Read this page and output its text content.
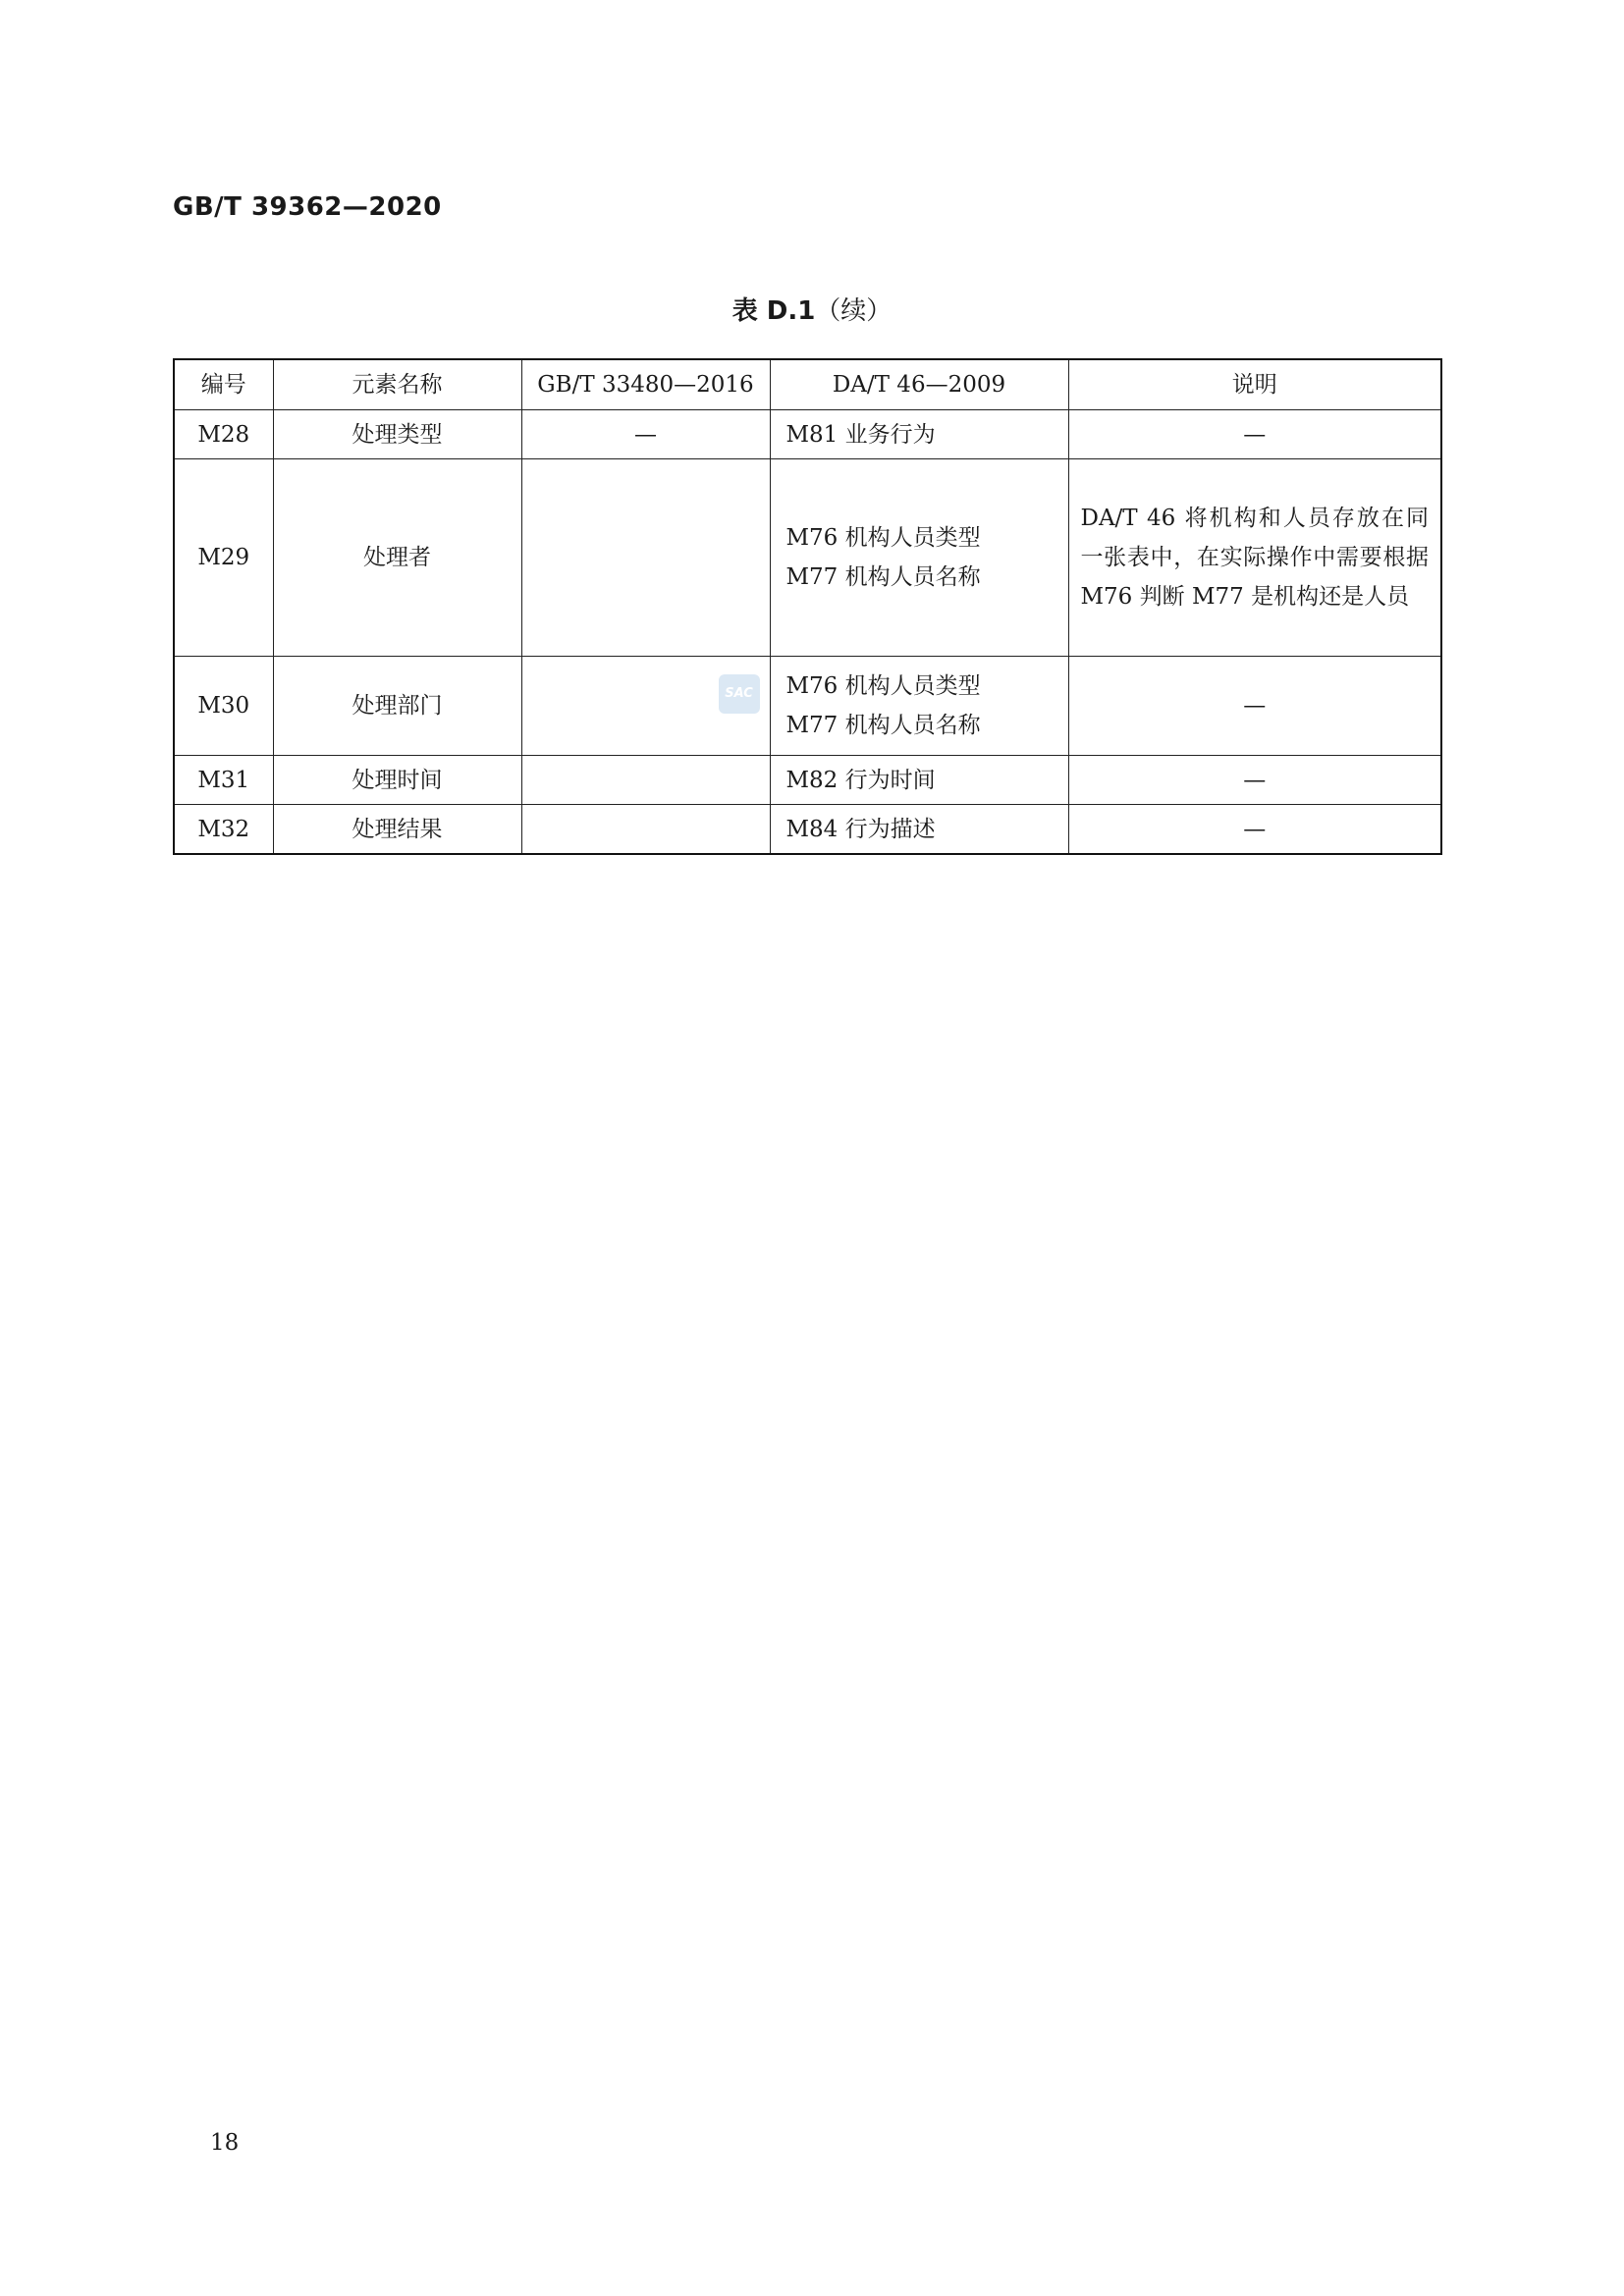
GB/T 39362—2020
表 D.1（续）
编号	元素名称	GB/T 33480—2016	DA/T 46—2009	说明
M28	处理类型	—	M81 业务行为	—
M29	处理者		M76 机构人员类型
M77 机构人员名称	DA/T 46 将机构和人员存放在同一张表中，在实际操作中需要根据 M76 判断 M77 是机构还是人员
M30	处理部门	SAC	M76 机构人员类型
M77 机构人员名称	—
M31	处理时间		M82 行为时间	—
M32	处理结果		M84 行为描述	—
18
